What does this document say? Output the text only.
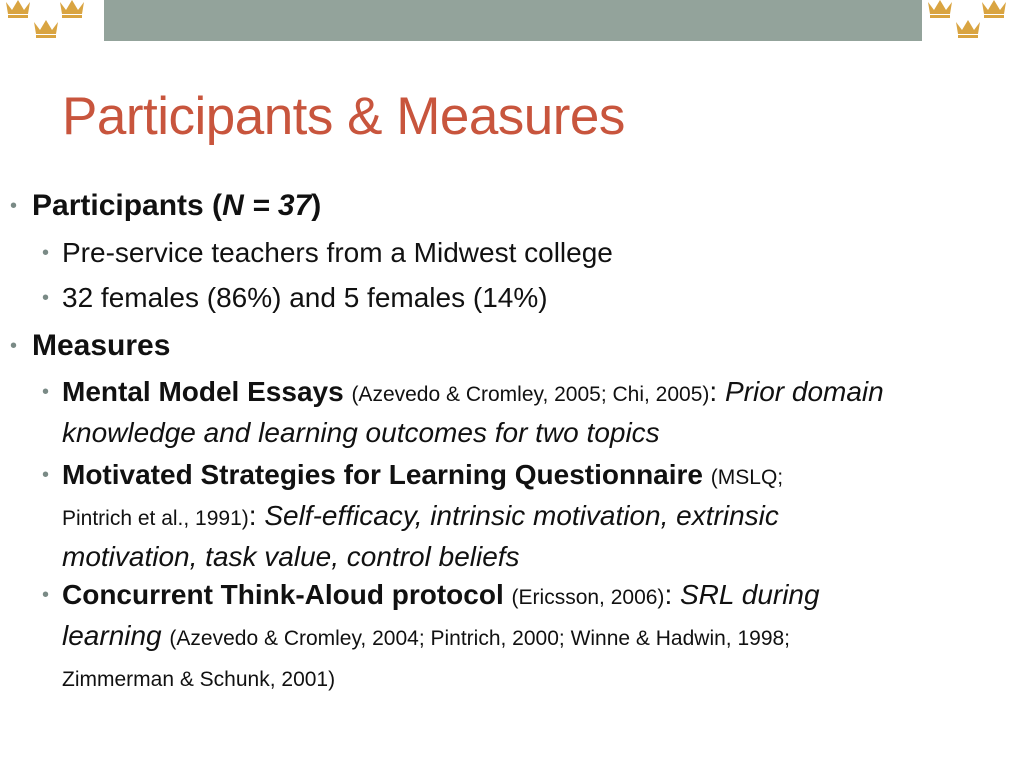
Participants & Measures
• Participants (N = 37)
• Pre-service teachers from a Midwest college
• 32 females (86%) and 5 females (14%)
• Measures
• Mental Model Essays (Azevedo & Cromley, 2005; Chi, 2005): Prior domain knowledge and learning outcomes for two topics
• Motivated Strategies for Learning Questionnaire (MSLQ;
Pintrich et al., 1991): Self-efficacy, intrinsic motivation, extrinsic
motivation, task value, control beliefs
• Concurrent Think-Aloud protocol (Ericsson, 2006): SRL during
learning (Azevedo & Cromley, 2004; Pintrich, 2000; Winne & Hadwin, 1998;
Zimmerman & Schunk, 2001)
